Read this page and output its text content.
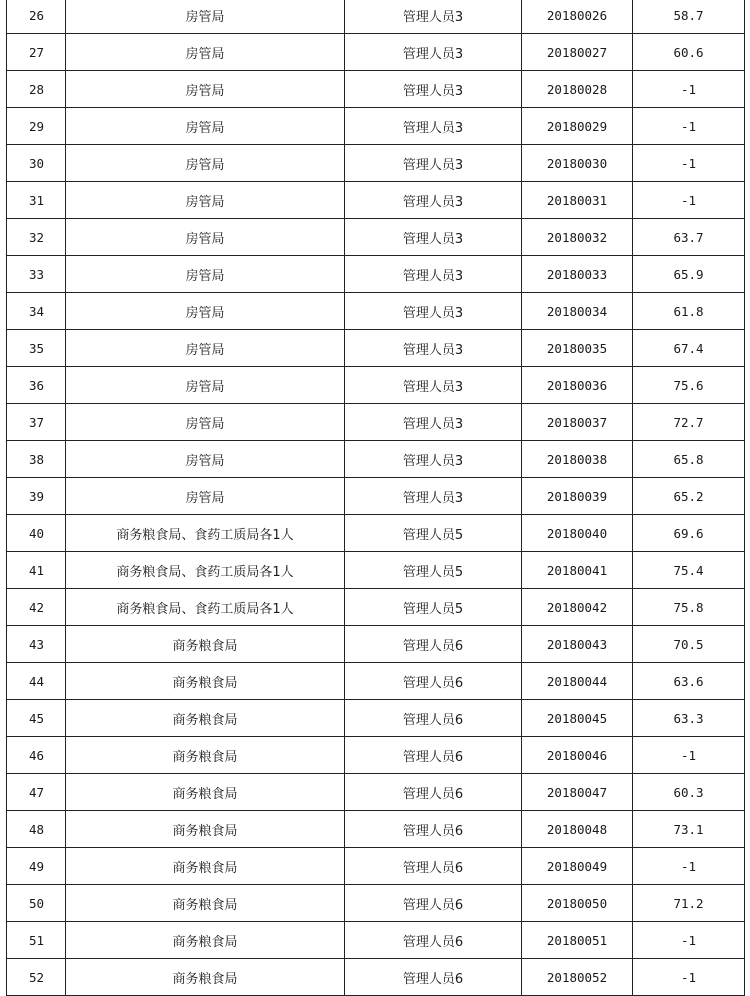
26	房管局	管理人员3	20180026	58.7
27	房管局	管理人员3	20180027	60.6
28	房管局	管理人员3	20180028	-1
29	房管局	管理人员3	20180029	-1
30	房管局	管理人员3	20180030	-1
31	房管局	管理人员3	20180031	-1
32	房管局	管理人员3	20180032	63.7
33	房管局	管理人员3	20180033	65.9
34	房管局	管理人员3	20180034	61.8
35	房管局	管理人员3	20180035	67.4
36	房管局	管理人员3	20180036	75.6
37	房管局	管理人员3	20180037	72.7
38	房管局	管理人员3	20180038	65.8
39	房管局	管理人员3	20180039	65.2
40	商务粮食局、食药工质局各1人	管理人员5	20180040	69.6
41	商务粮食局、食药工质局各1人	管理人员5	20180041	75.4
42	商务粮食局、食药工质局各1人	管理人员5	20180042	75.8
43	商务粮食局	管理人员6	20180043	70.5
44	商务粮食局	管理人员6	20180044	63.6
45	商务粮食局	管理人员6	20180045	63.3
46	商务粮食局	管理人员6	20180046	-1
47	商务粮食局	管理人员6	20180047	60.3
48	商务粮食局	管理人员6	20180048	73.1
49	商务粮食局	管理人员6	20180049	-1
50	商务粮食局	管理人员6	20180050	71.2
51	商务粮食局	管理人员6	20180051	-1
52	商务粮食局	管理人员6	20180052	-1
